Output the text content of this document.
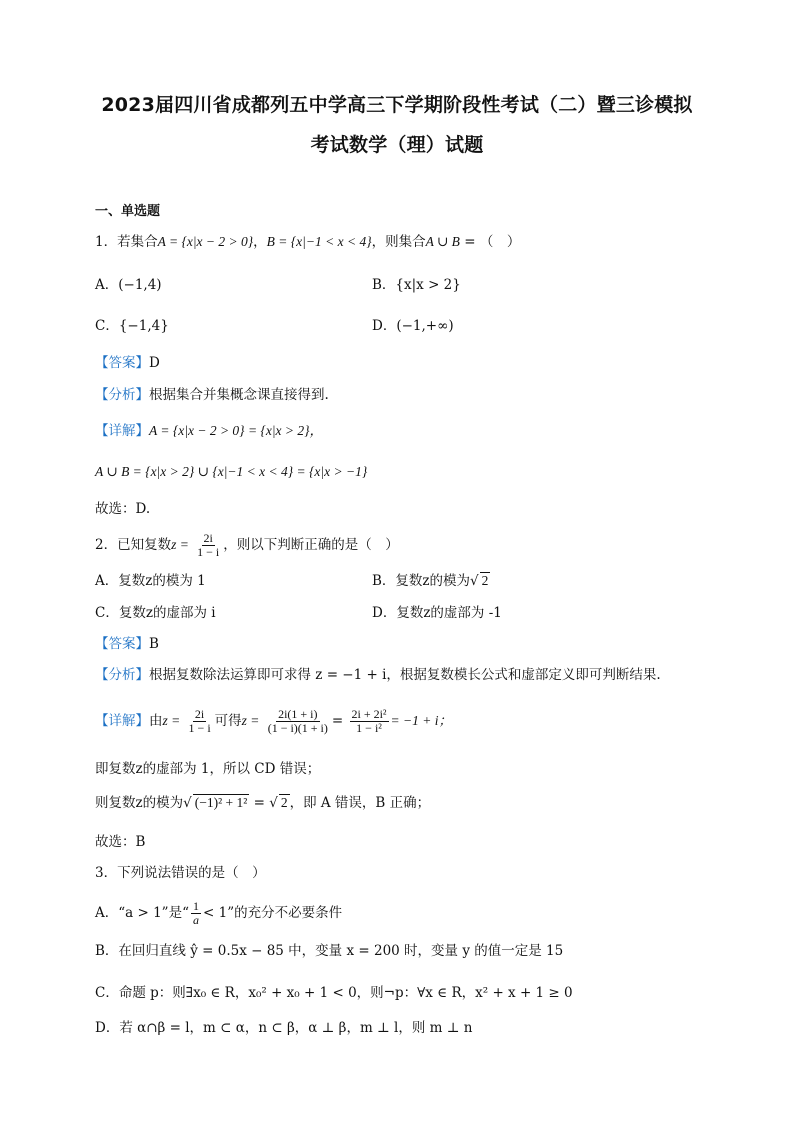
2023届四川省成都列五中学高三下学期阶段性考试（二）暨三诊模拟
考试数学（理）试题
一、单选题
1．若集合A = {x|x − 2 > 0}，B = {x|−1 < x < 4}，则集合A ∪ B = （　）
A．(−1,4)	B．{x|x > 2}
C．{−1,4}	D．(−1,+∞)
【答案】D
【分析】根据集合并集概念课直接得到.
【详解】A = {x|x − 2 > 0} = {x|x > 2}，
A ∪ B = {x|x > 2} ∪ {x|−1 < x < 4} = {x|x > −1}
故选：D.
2．已知复数$z = \frac{2i}{1 - i}$ ，则以下判断正确的是（　）
A．复数z的模为 1	B．复数z的模为√ 2
C．复数z的虚部为 i	D．复数z的虚部为 -1
【答案】B
【分析】根据复数除法运算即可求得 z = −1 + i，根据复数模长公式和虚部定义即可判断结果.
【详解】由$z = \frac{2i}{1 - i}$ 可得$z = \frac{2i(1 + i)}{(1 - i)(1 + i)} = \frac{\text{2i + 2i²}}{\text{1 − i²}} = -1 + i$；
即复数z的虚部为 1，所以 CD 错误；
则复数z的模为√ (−1)² + 1² = √ 2 ，即 A 错误，B 正确；
故选：B
3．下列说法错误的是（　）
A．“a > 1”是“ $\frac{1}{a} < 1$”的充分不必要条件
B．在回归直线 ŷ = 0.5x − 85 中，变量 x = 200 时，变量 y 的值一定是 15
C．命题 p：则∃x₀ ∈ R，x₀² + x₀ + 1 < 0，则¬p：∀x ∈ R，x² + x + 1 ≥ 0
D．若 α∩β = l，m ⊂ α，n ⊂ β，α ⊥ β，m ⊥ l，则 m ⊥ n
